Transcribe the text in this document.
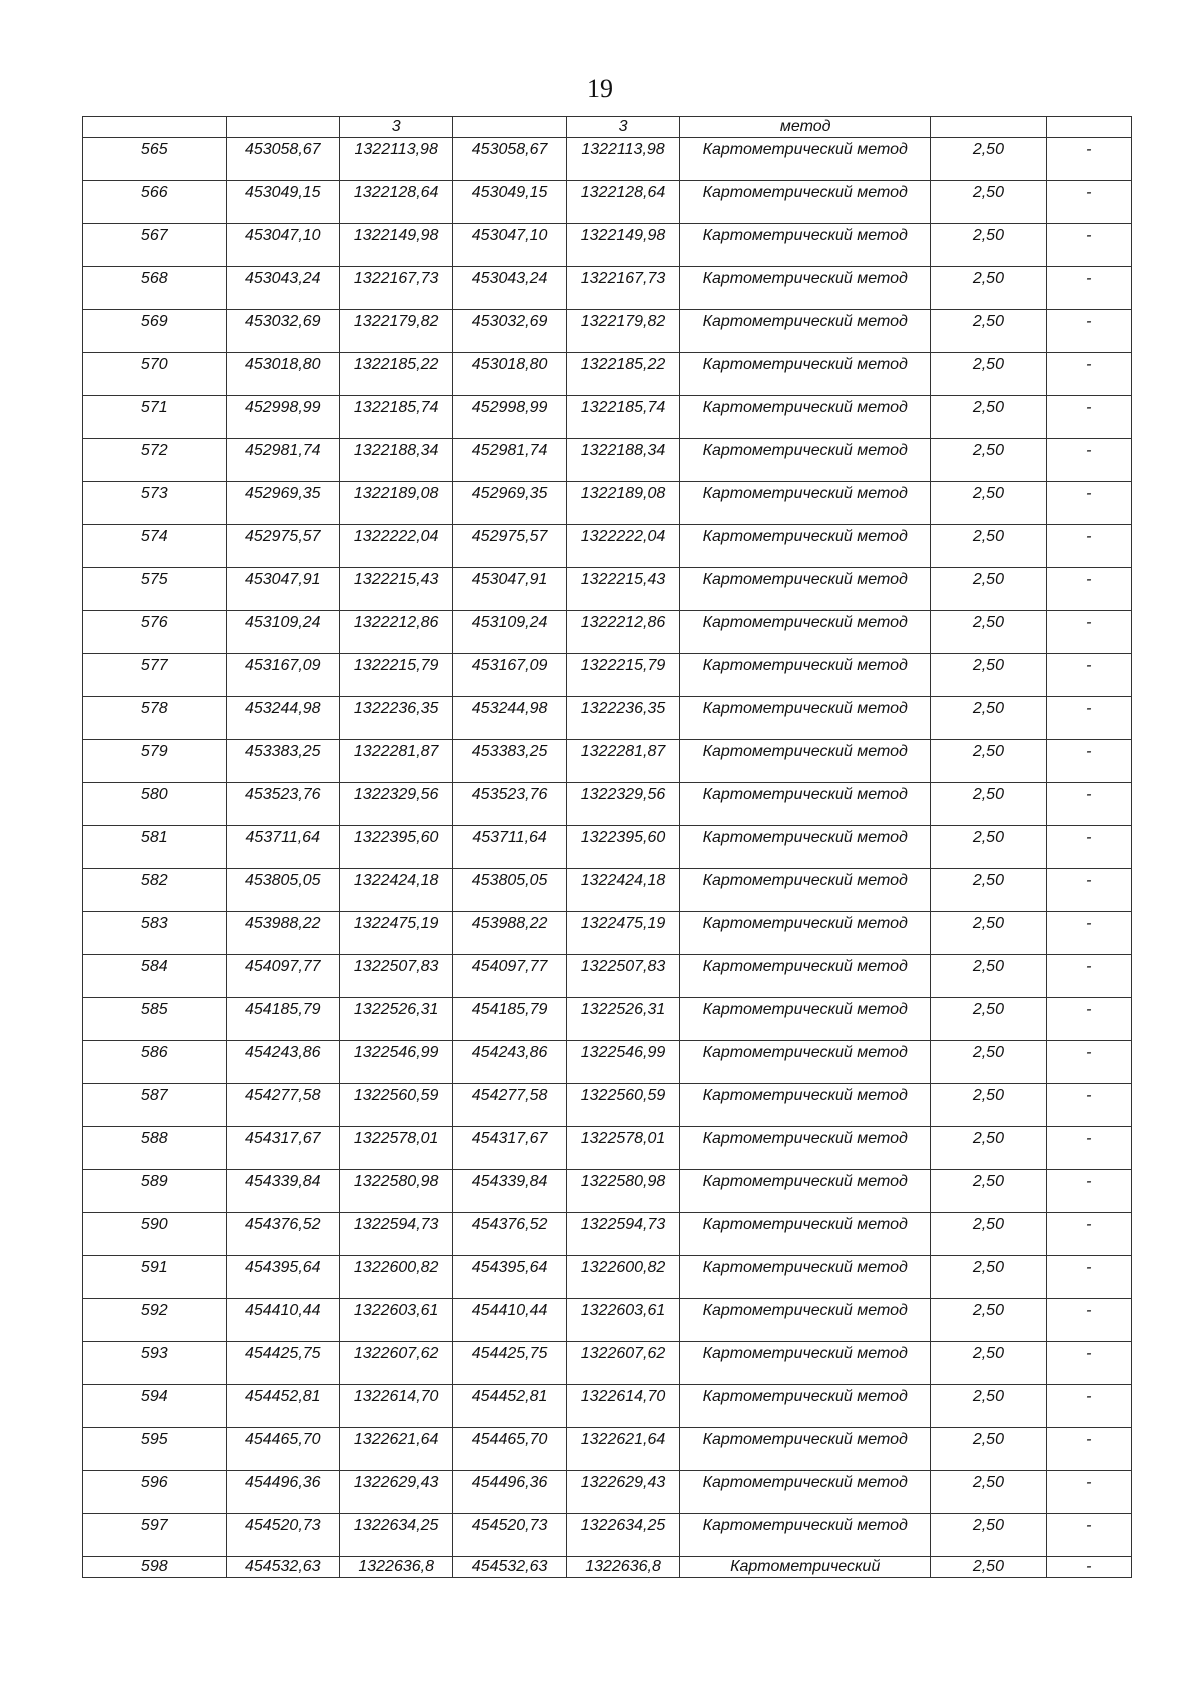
19
		3		3	метод		
565	453058,67	1322113,98	453058,67	1322113,98	Картометрический метод	2,50	-
566	453049,15	1322128,64	453049,15	1322128,64	Картометрический метод	2,50	-
567	453047,10	1322149,98	453047,10	1322149,98	Картометрический метод	2,50	-
568	453043,24	1322167,73	453043,24	1322167,73	Картометрический метод	2,50	-
569	453032,69	1322179,82	453032,69	1322179,82	Картометрический метод	2,50	-
570	453018,80	1322185,22	453018,80	1322185,22	Картометрический метод	2,50	-
571	452998,99	1322185,74	452998,99	1322185,74	Картометрический метод	2,50	-
572	452981,74	1322188,34	452981,74	1322188,34	Картометрический метод	2,50	-
573	452969,35	1322189,08	452969,35	1322189,08	Картометрический метод	2,50	-
574	452975,57	1322222,04	452975,57	1322222,04	Картометрический метод	2,50	-
575	453047,91	1322215,43	453047,91	1322215,43	Картометрический метод	2,50	-
576	453109,24	1322212,86	453109,24	1322212,86	Картометрический метод	2,50	-
577	453167,09	1322215,79	453167,09	1322215,79	Картометрический метод	2,50	-
578	453244,98	1322236,35	453244,98	1322236,35	Картометрический метод	2,50	-
579	453383,25	1322281,87	453383,25	1322281,87	Картометрический метод	2,50	-
580	453523,76	1322329,56	453523,76	1322329,56	Картометрический метод	2,50	-
581	453711,64	1322395,60	453711,64	1322395,60	Картометрический метод	2,50	-
582	453805,05	1322424,18	453805,05	1322424,18	Картометрический метод	2,50	-
583	453988,22	1322475,19	453988,22	1322475,19	Картометрический метод	2,50	-
584	454097,77	1322507,83	454097,77	1322507,83	Картометрический метод	2,50	-
585	454185,79	1322526,31	454185,79	1322526,31	Картометрический метод	2,50	-
586	454243,86	1322546,99	454243,86	1322546,99	Картометрический метод	2,50	-
587	454277,58	1322560,59	454277,58	1322560,59	Картометрический метод	2,50	-
588	454317,67	1322578,01	454317,67	1322578,01	Картометрический метод	2,50	-
589	454339,84	1322580,98	454339,84	1322580,98	Картометрический метод	2,50	-
590	454376,52	1322594,73	454376,52	1322594,73	Картометрический метод	2,50	-
591	454395,64	1322600,82	454395,64	1322600,82	Картометрический метод	2,50	-
592	454410,44	1322603,61	454410,44	1322603,61	Картометрический метод	2,50	-
593	454425,75	1322607,62	454425,75	1322607,62	Картометрический метод	2,50	-
594	454452,81	1322614,70	454452,81	1322614,70	Картометрический метод	2,50	-
595	454465,70	1322621,64	454465,70	1322621,64	Картометрический метод	2,50	-
596	454496,36	1322629,43	454496,36	1322629,43	Картометрический метод	2,50	-
597	454520,73	1322634,25	454520,73	1322634,25	Картометрический метод	2,50	-
598	454532,63	1322636,8	454532,63	1322636,8	Картометрический	2,50	-
